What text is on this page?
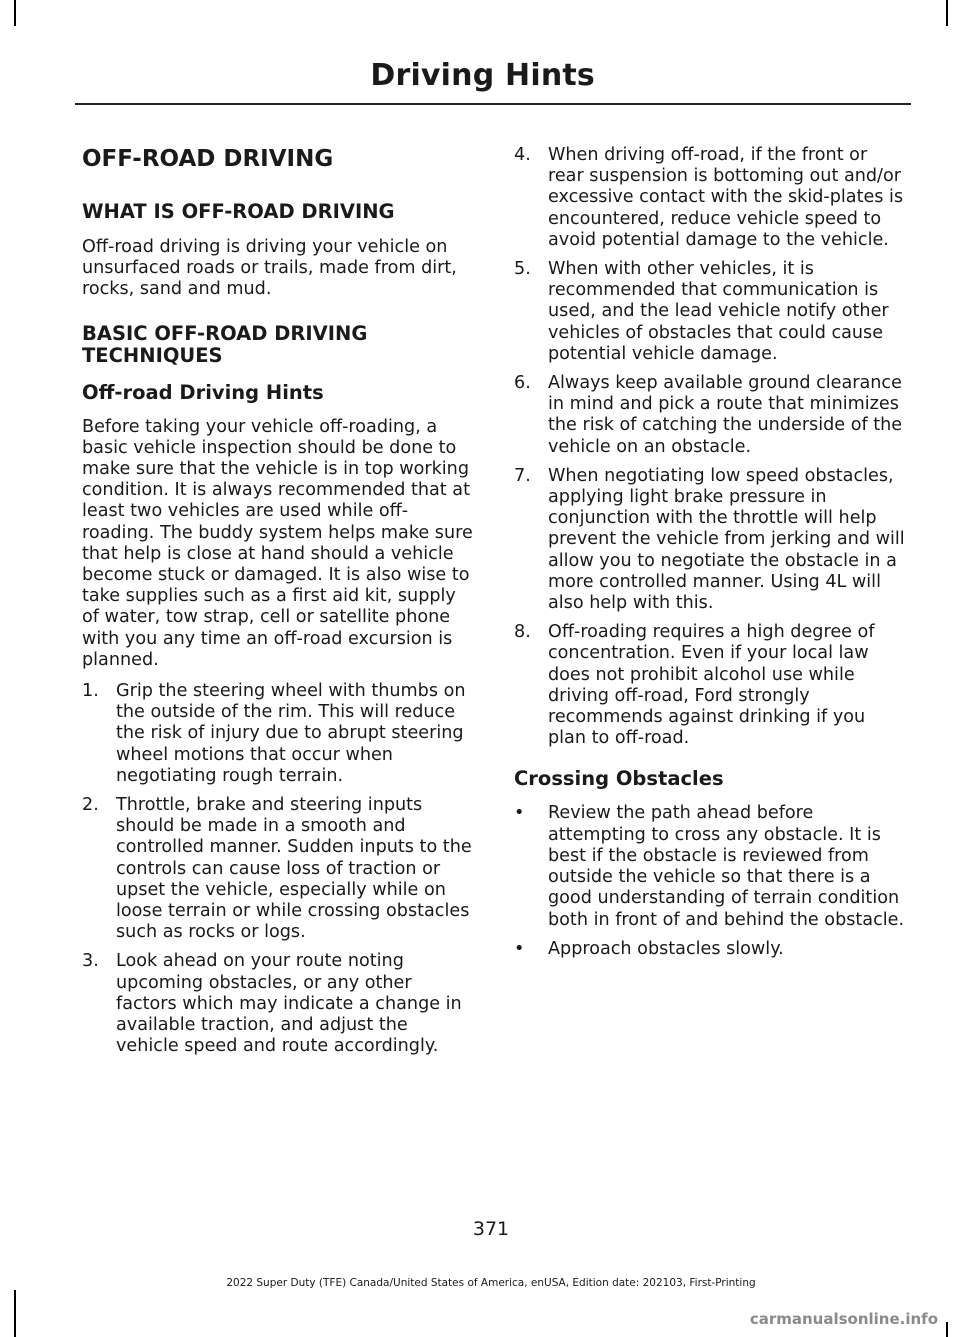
Driving Hints
OFF-ROAD DRIVING
WHAT IS OFF-ROAD DRIVING

Off-road driving is driving your vehicle on unsurfaced roads or trails, made from dirt, rocks, sand and mud.

BASIC OFF-ROAD DRIVING TECHNIQUES
Off-road Driving Hints

Before taking your vehicle off-roading, a basic vehicle inspection should be done to make sure that the vehicle is in top working condition. It is always recommended that at least two vehicles are used while off-roading. The buddy system helps make sure that help is close at hand should a vehicle become stuck or damaged. It is also wise to take supplies such as a first aid kit, supply of water, tow strap, cell or satellite phone with you any time an off-road excursion is planned.

1. Grip the steering wheel with thumbs on the outside of the rim. This will reduce the risk of injury due to abrupt steering wheel motions that occur when negotiating rough terrain.
2. Throttle, brake and steering inputs should be made in a smooth and controlled manner. Sudden inputs to the controls can cause loss of traction or upset the vehicle, especially while on loose terrain or while crossing obstacles such as rocks or logs.
3. Look ahead on your route noting upcoming obstacles, or any other factors which may indicate a change in available traction, and adjust the vehicle speed and route accordingly.
4. When driving off-road, if the front or rear suspension is bottoming out and/or excessive contact with the skid-plates is encountered, reduce vehicle speed to avoid potential damage to the vehicle.
5. When with other vehicles, it is recommended that communication is used, and the lead vehicle notify other vehicles of obstacles that could cause potential vehicle damage.
6. Always keep available ground clearance in mind and pick a route that minimizes the risk of catching the underside of the vehicle on an obstacle.
7. When negotiating low speed obstacles, applying light brake pressure in conjunction with the throttle will help prevent the vehicle from jerking and will allow you to negotiate the obstacle in a more controlled manner. Using 4L will also help with this.
8. Off-roading requires a high degree of concentration. Even if your local law does not prohibit alcohol use while driving off-road, Ford strongly recommends against drinking if you plan to off-road.
Crossing Obstacles
• Review the path ahead before attempting to cross any obstacle. It is best if the obstacle is reviewed from outside the vehicle so that there is a good understanding of terrain condition both in front of and behind the obstacle.
• Approach obstacles slowly.
371
2022 Super Duty (TFE) Canada/United States of America, enUSA, Edition date: 202103, First-Printing
carmanualsonline.info
